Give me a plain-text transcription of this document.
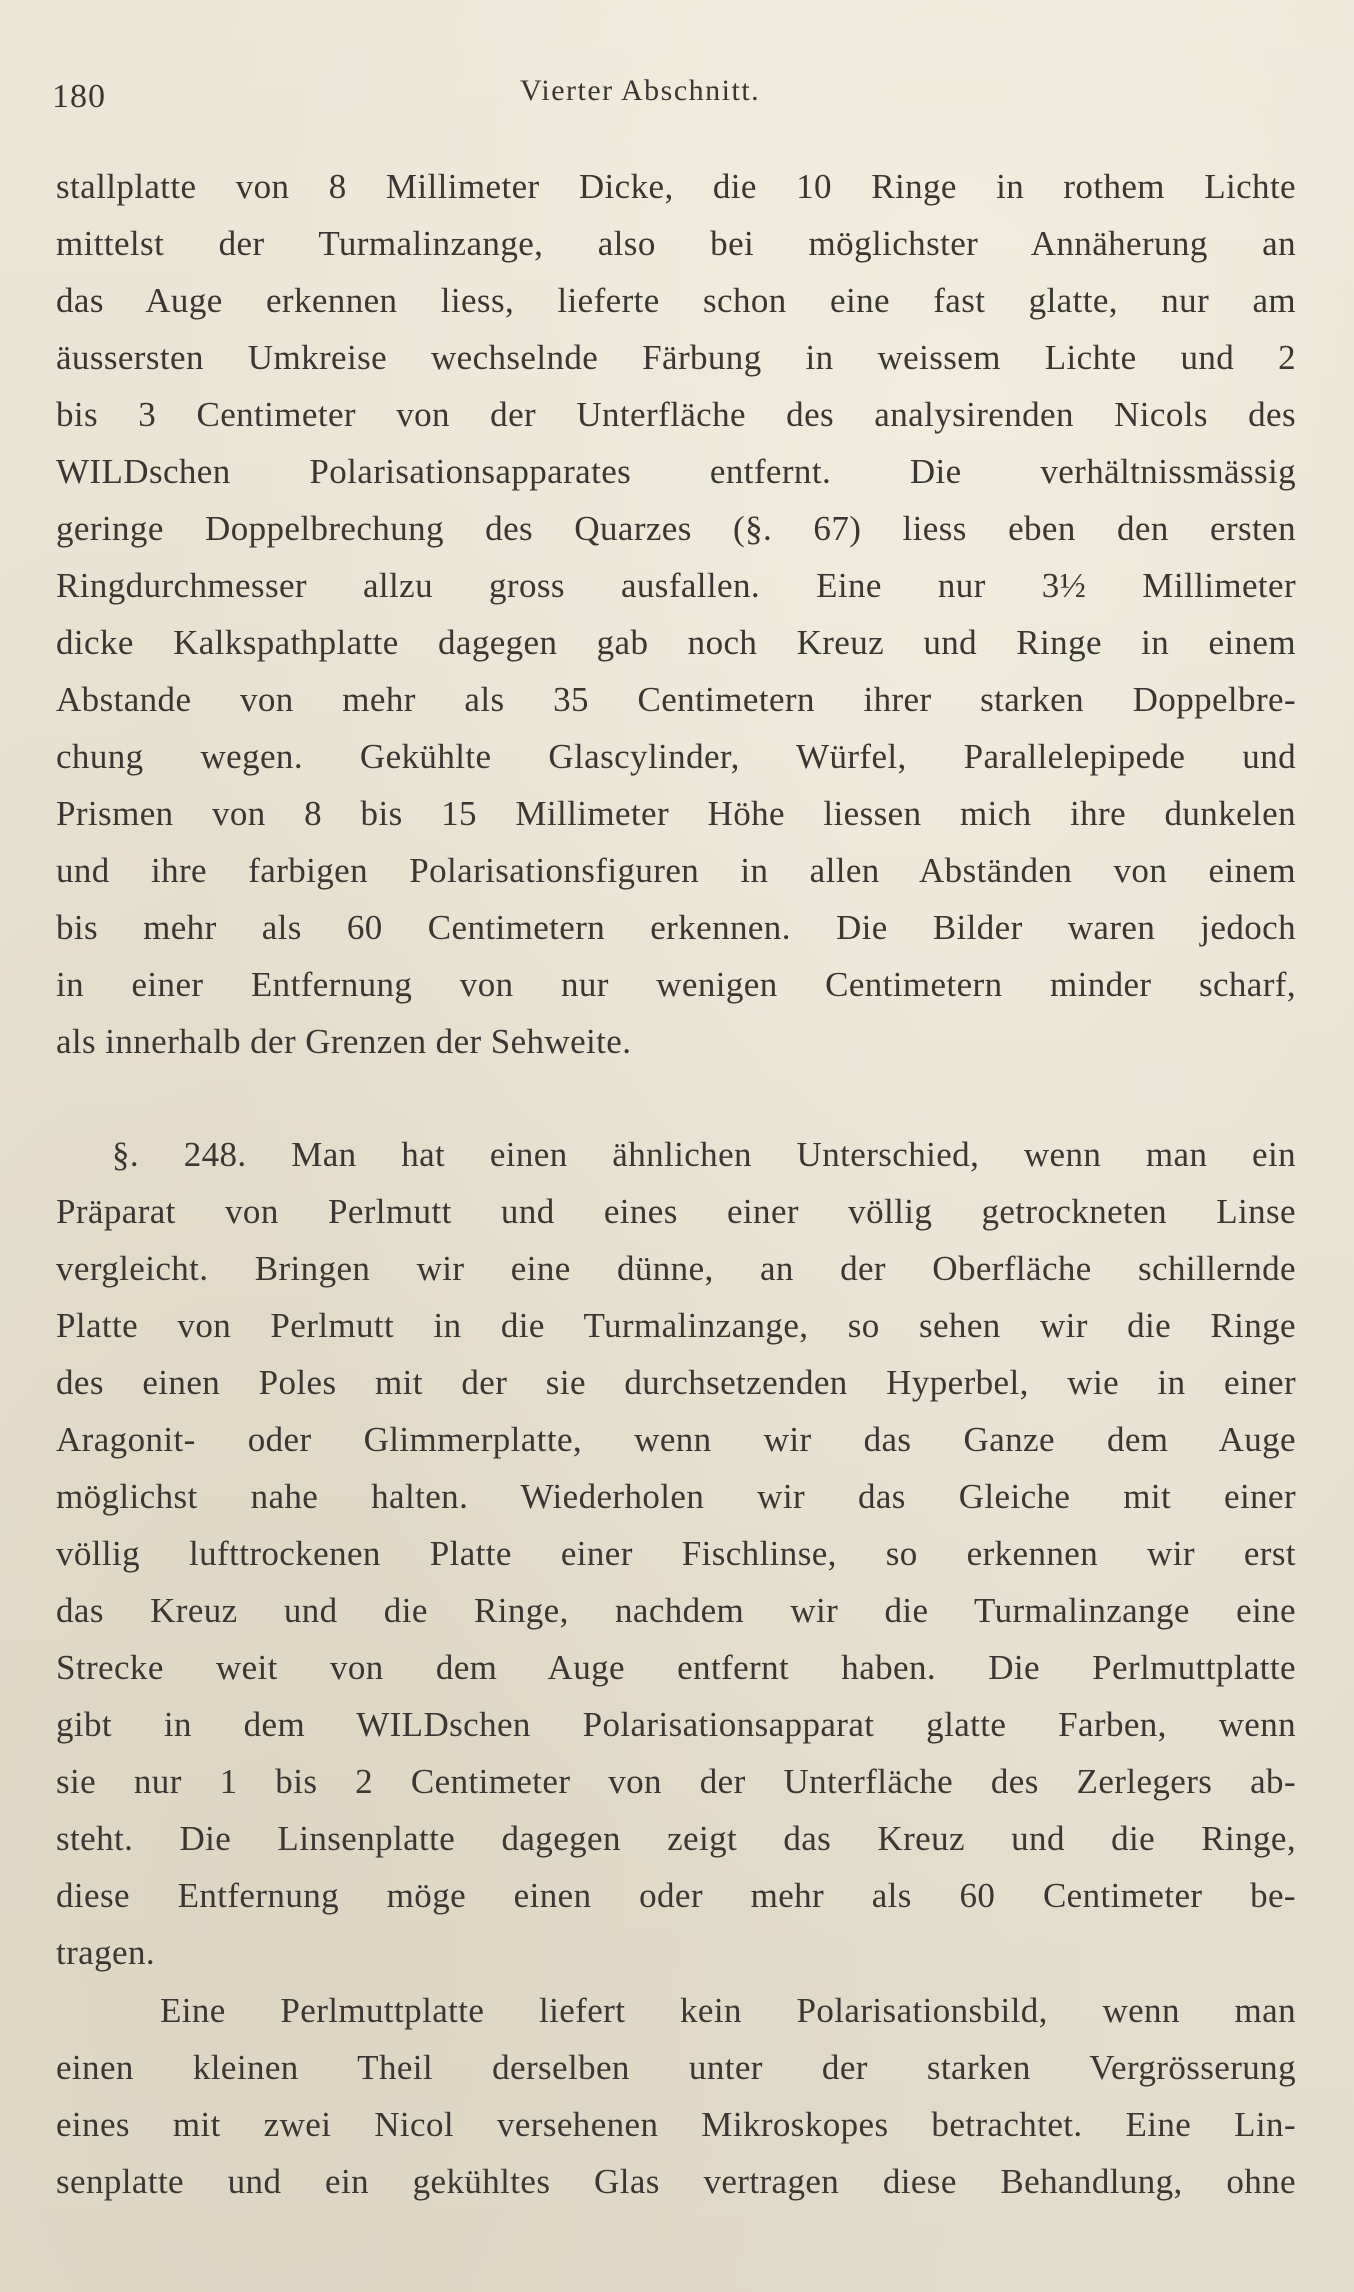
180	Vierter Abschnitt.
stallplatte von 8 Millimeter Dicke, die 10 Ringe in rothem Lichte
mittelst der Turmalinzange, also bei möglichster Annäherung an
das Auge erkennen liess, lieferte schon eine fast glatte, nur am
äussersten Umkreise wechselnde Färbung in weissem Lichte und 2
bis 3 Centimeter von der Unterfläche des analysirenden Nicols des
WILDschen Polarisationsapparates entfernt. Die verhältnissmässig
geringe Doppelbrechung des Quarzes (§. 67) liess eben den ersten
Ringdurchmesser allzu gross ausfallen. Eine nur 3½ Millimeter
dicke Kalkspathplatte dagegen gab noch Kreuz und Ringe in einem
Abstande von mehr als 35 Centimetern ihrer starken Doppelbre-
chung wegen. Gekühlte Glascylinder, Würfel, Parallelepipede und
Prismen von 8 bis 15 Millimeter Höhe liessen mich ihre dunkelen
und ihre farbigen Polarisationsfiguren in allen Abständen von einem
bis mehr als 60 Centimetern erkennen. Die Bilder waren jedoch
in einer Entfernung von nur wenigen Centimetern minder scharf,
als innerhalb der Grenzen der Sehweite.
§. 248. Man hat einen ähnlichen Unterschied, wenn man ein
Präparat von Perlmutt und eines einer völlig getrockneten Linse
vergleicht. Bringen wir eine dünne, an der Oberfläche schillernde
Platte von Perlmutt in die Turmalinzange, so sehen wir die Ringe
des einen Poles mit der sie durchsetzenden Hyperbel, wie in einer
Aragonit- oder Glimmerplatte, wenn wir das Ganze dem Auge
möglichst nahe halten. Wiederholen wir das Gleiche mit einer
völlig lufttrockenen Platte einer Fischlinse, so erkennen wir erst
das Kreuz und die Ringe, nachdem wir die Turmalinzange eine
Strecke weit von dem Auge entfernt haben. Die Perlmuttplatte
gibt in dem WILDschen Polarisationsapparat glatte Farben, wenn
sie nur 1 bis 2 Centimeter von der Unterfläche des Zerlegers ab-
steht. Die Linsenplatte dagegen zeigt das Kreuz und die Ringe,
diese Entfernung möge einen oder mehr als 60 Centimeter be-
tragen.
Eine Perlmuttplatte liefert kein Polarisationsbild, wenn man
einen kleinen Theil derselben unter der starken Vergrösserung
eines mit zwei Nicol versehenen Mikroskopes betrachtet. Eine Lin-
senplatte und ein gekühltes Glas vertragen diese Behandlung, ohne
